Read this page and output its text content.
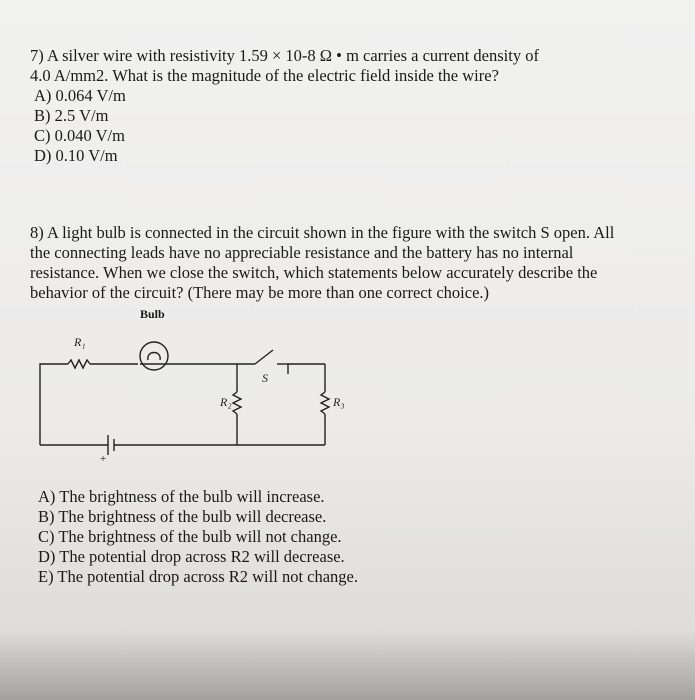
7) A silver wire with resistivity 1.59 × 10-8 Ω • m carries a current density of
4.0 A/mm2. What is the magnitude of the electric field inside the wire?
A) 0.064 V/m
B) 2.5 V/m
C) 0.040 V/m
D) 0.10 V/m
8) A light bulb is connected in the circuit shown in the figure with the switch S open. All
the connecting leads have no appreciable resistance and the battery has no internal
resistance. When we close the switch, which statements below accurately describe the
behavior of the circuit? (There may be more than one correct choice.)
Bulb
R₁
R₂	R₃
S
+
A) The brightness of the bulb will increase.
B) The brightness of the bulb will decrease.
C) The brightness of the bulb will not change.
D) The potential drop across R2 will decrease.
E) The potential drop across R2 will not change.
